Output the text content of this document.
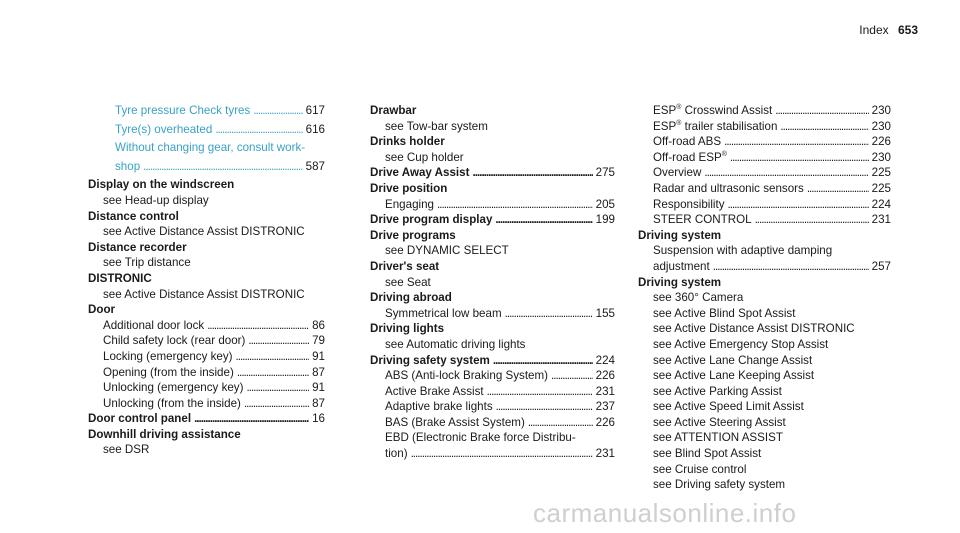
Index 653
Tyre pressure Check tyres . . .	617
Tyre(s) overheated . . .	616
Without changing gear, consult work-
shop . . .	587
Display on the windscreen
see Head-up display
Distance control
see Active Distance Assist DISTRONIC
Distance recorder
see Trip distance
DISTRONIC
see Active Distance Assist DISTRONIC
Door
Additional door lock . . .	86
Child safety lock (rear door) . . .	79
Locking (emergency key) . . .	91
Opening (from the inside) . . .	87
Unlocking (emergency key) . . .	91
Unlocking (from the inside) . . .	87
Door control panel . . .	16
Downhill driving assistance
see DSR
Drawbar
see Tow-bar system
Drinks holder
see Cup holder
Drive Away Assist . . .	275
Drive position
Engaging . . .	205
Drive program display . . .	199
Drive programs
see DYNAMIC SELECT
Driver's seat
see Seat
Driving abroad
Symmetrical low beam . . .	155
Driving lights
see Automatic driving lights
Driving safety system . . .	224
ABS (Anti-lock Braking System) . . .	226
Active Brake Assist . . .	231
Adaptive brake lights . . .	237
BAS (Brake Assist System) . . .	226
EBD (Electronic Brake force Distribu-
tion) . . .	231
ESP® Crosswind Assist . . .	230
ESP® trailer stabilisation . . .	230
Off-road ABS . . .	226
Off-road ESP® . . .	230
Overview . . .	225
Radar and ultrasonic sensors . . .	225
Responsibility . . .	224
STEER CONTROL . . .	231
Driving system
Suspension with adaptive damping
adjustment . . .	257
Driving system
see 360° Camera
see Active Blind Spot Assist
see Active Distance Assist DISTRONIC
see Active Emergency Stop Assist
see Active Lane Change Assist
see Active Lane Keeping Assist
see Active Parking Assist
see Active Speed Limit Assist
see Active Steering Assist
see ATTENTION ASSIST
see Blind Spot Assist
see Cruise control
see Driving safety system
carmanualsonline.info
